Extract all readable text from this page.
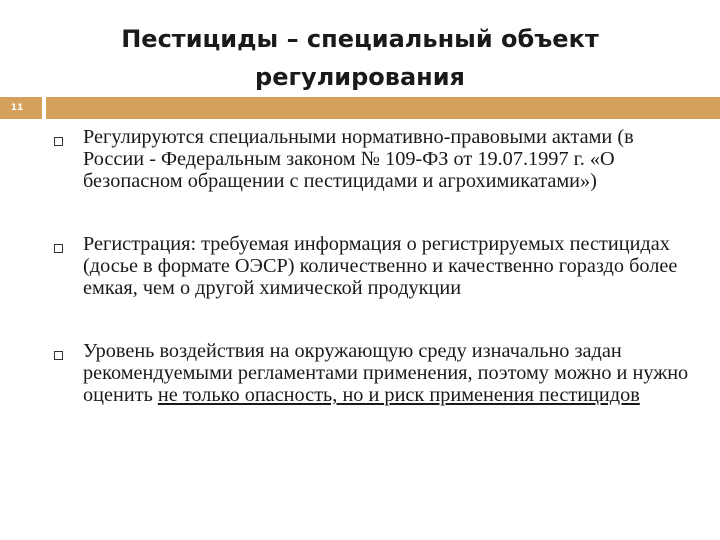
Пестициды – специальный объект
регулирования
11
Регулируются специальными нормативно-правовыми актами (в России - Федеральным законом № 109-ФЗ от 19.07.1997 г. «О безопасном обращении с пестицидами и агрохимикатами»)
Регистрация: требуемая информация о регистрируемых пестицидах (досье в формате ОЭСР) количественно и качественно гораздо более емкая, чем о другой химической продукции
Уровень воздействия на окружающую среду изначально задан рекомендуемыми регламентами применения, поэтому можно и нужно оценить не только опасность, но и риск применения пестицидов
